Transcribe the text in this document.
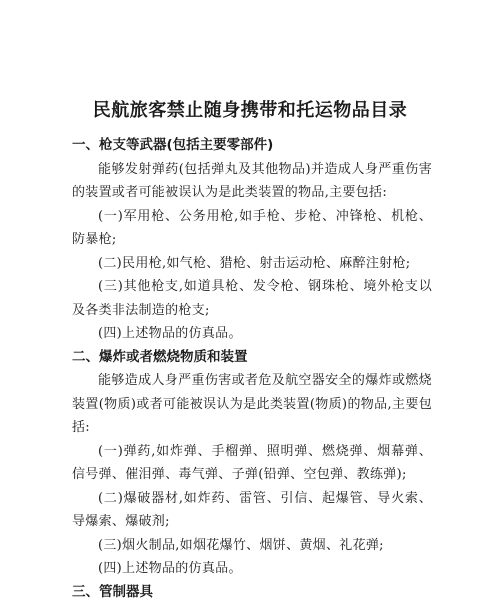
民航旅客禁止随身携带和托运物品目录

一、枪支等武器(包括主要零部件)

能够发射弹药(包括弹丸及其他物品)并造成人身严重伤害的装置或者可能被误认为是此类装置的物品,主要包括:

(一)军用枪、公务用枪,如手枪、步枪、冲锋枪、机枪、防暴枪;

(二)民用枪,如气枪、猎枪、射击运动枪、麻醉注射枪;

(三)其他枪支,如道具枪、发令枪、钢珠枪、境外枪支以及各类非法制造的枪支;

(四)上述物品的仿真品。

二、爆炸或者燃烧物质和装置

能够造成人身严重伤害或者危及航空器安全的爆炸或燃烧装置(物质)或者可能被误认为是此类装置(物质)的物品,主要包括:

(一)弹药,如炸弹、手榴弹、照明弹、燃烧弹、烟幕弹、信号弹、催泪弹、毒气弹、子弹(铅弹、空包弹、教练弹);

(二)爆破器材,如炸药、雷管、引信、起爆管、导火索、导爆索、爆破剂;

(三)烟火制品,如烟花爆竹、烟饼、黄烟、礼花弹;

(四)上述物品的仿真品。

三、管制器具
